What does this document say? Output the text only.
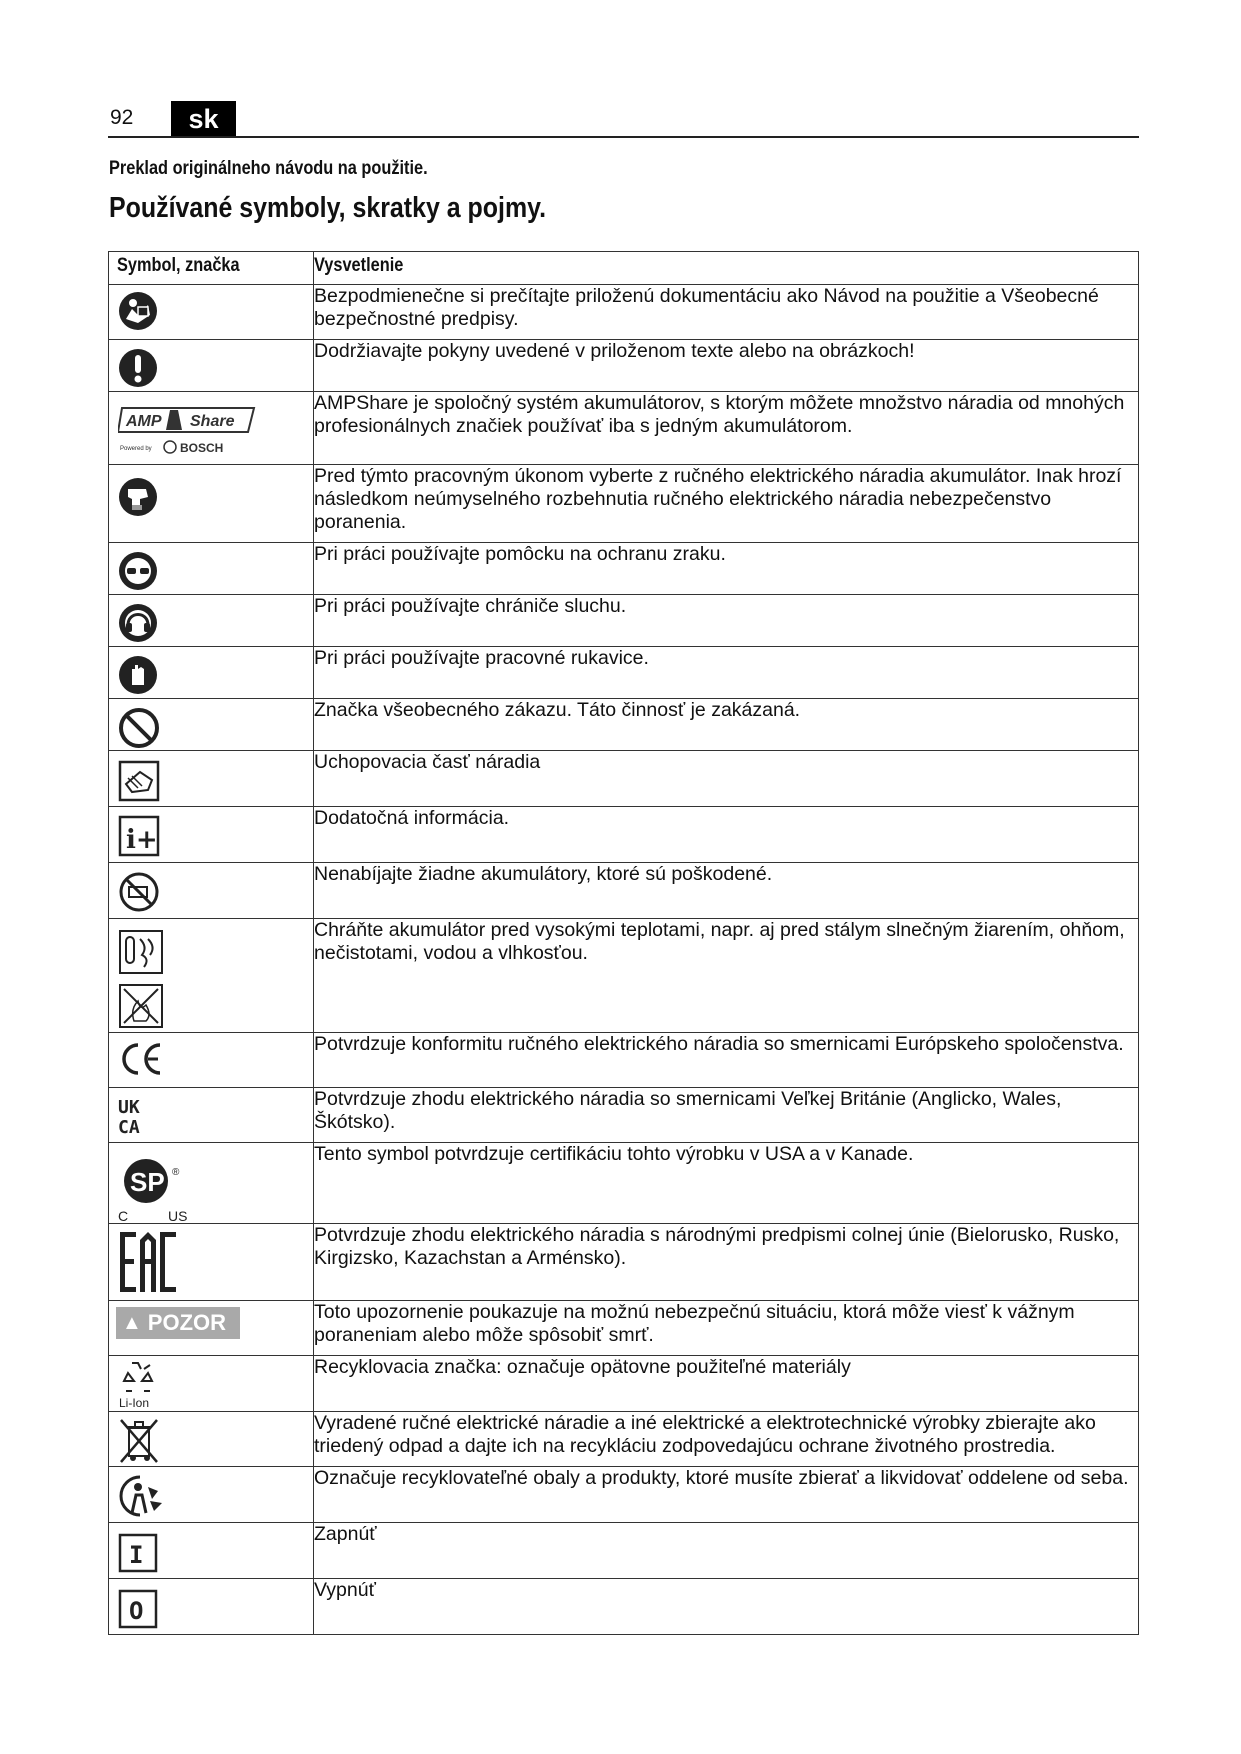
92	sk
Preklad originálneho návodu na použitie.
Používané symboly, skratky a pojmy.
Symbol, značka	Vysvetlenie

	Bezpodmienečne si prečítajte priloženú dokumentáciu ako Návod na použitie a Všeobecné bezpečnostné predpisy.

	Dodržiavajte pokyny uvedené v priloženom texte alebo na obrázkoch!

AMP Share
Powered by BOSCH	AMPShare je spoločný systém akumulátorov, s ktorým môžete množstvo náradia od mnohých profesionálnych značiek používať iba s jedným akumulátorom.

	Pred týmto pracovným úkonom vyberte z ručného elektrického náradia akumulátor. Inak hrozí následkom neúmyselného rozbehnutia ručného elektrického náradia nebezpečenstvo poranenia.

	Pri práci používajte pomôcku na ochranu zraku.

	Pri práci používajte chrániče sluchu.

	Pri práci používajte pracovné rukavice.

	Značka všeobecného zákazu. Táto činnosť je zakázaná.

	Uchopovacia časť náradia

i+	Dodatočná informácia.

	Nenabíjajte žiadne akumulátory, ktoré sú poškodené.

	Chráňte akumulátor pred vysokými teplotami, napr. aj pred stálym slnečným žiarením, ohňom, nečistotami, vodou a vlhkosťou.

	Potvrdzuje konformitu ručného elektrického náradia so smernicami Európskeho spoločenstva.

UK
CA	Potvrdzuje zhodu elektrického náradia so smernicami Veľkej Británie (Anglicko, Wales, Škótsko).

SP ®
C US	Tento symbol potvrdzuje certifikáciu tohto výrobku v USA a v Kanade.

	Potvrdzuje zhodu elektrického náradia s národnými predpismi colnej únie (Bielorusko, Rusko, Kirgizsko, Kazachstan a Arménsko).

▲ POZOR	Toto upozornenie poukazuje na možnú nebezpečnú situáciu, ktorá môže viesť k vážnym poraneniam alebo môže spôsobiť smrť.

Li-Ion	Recyklovacia značka: označuje opätovne použiteľné materiály

	Vyradené ručné elektrické náradie a iné elektrické a elektrotechnické výrobky zbierajte ako triedený odpad a dajte ich na recykláciu zodpovedajúcu ochrane životného prostredia.

	Označuje recyklovateľné obaly a produkty, ktoré musíte zbierať a likvidovať oddelene od seba.

I	Zapnúť

O	Vypnúť
